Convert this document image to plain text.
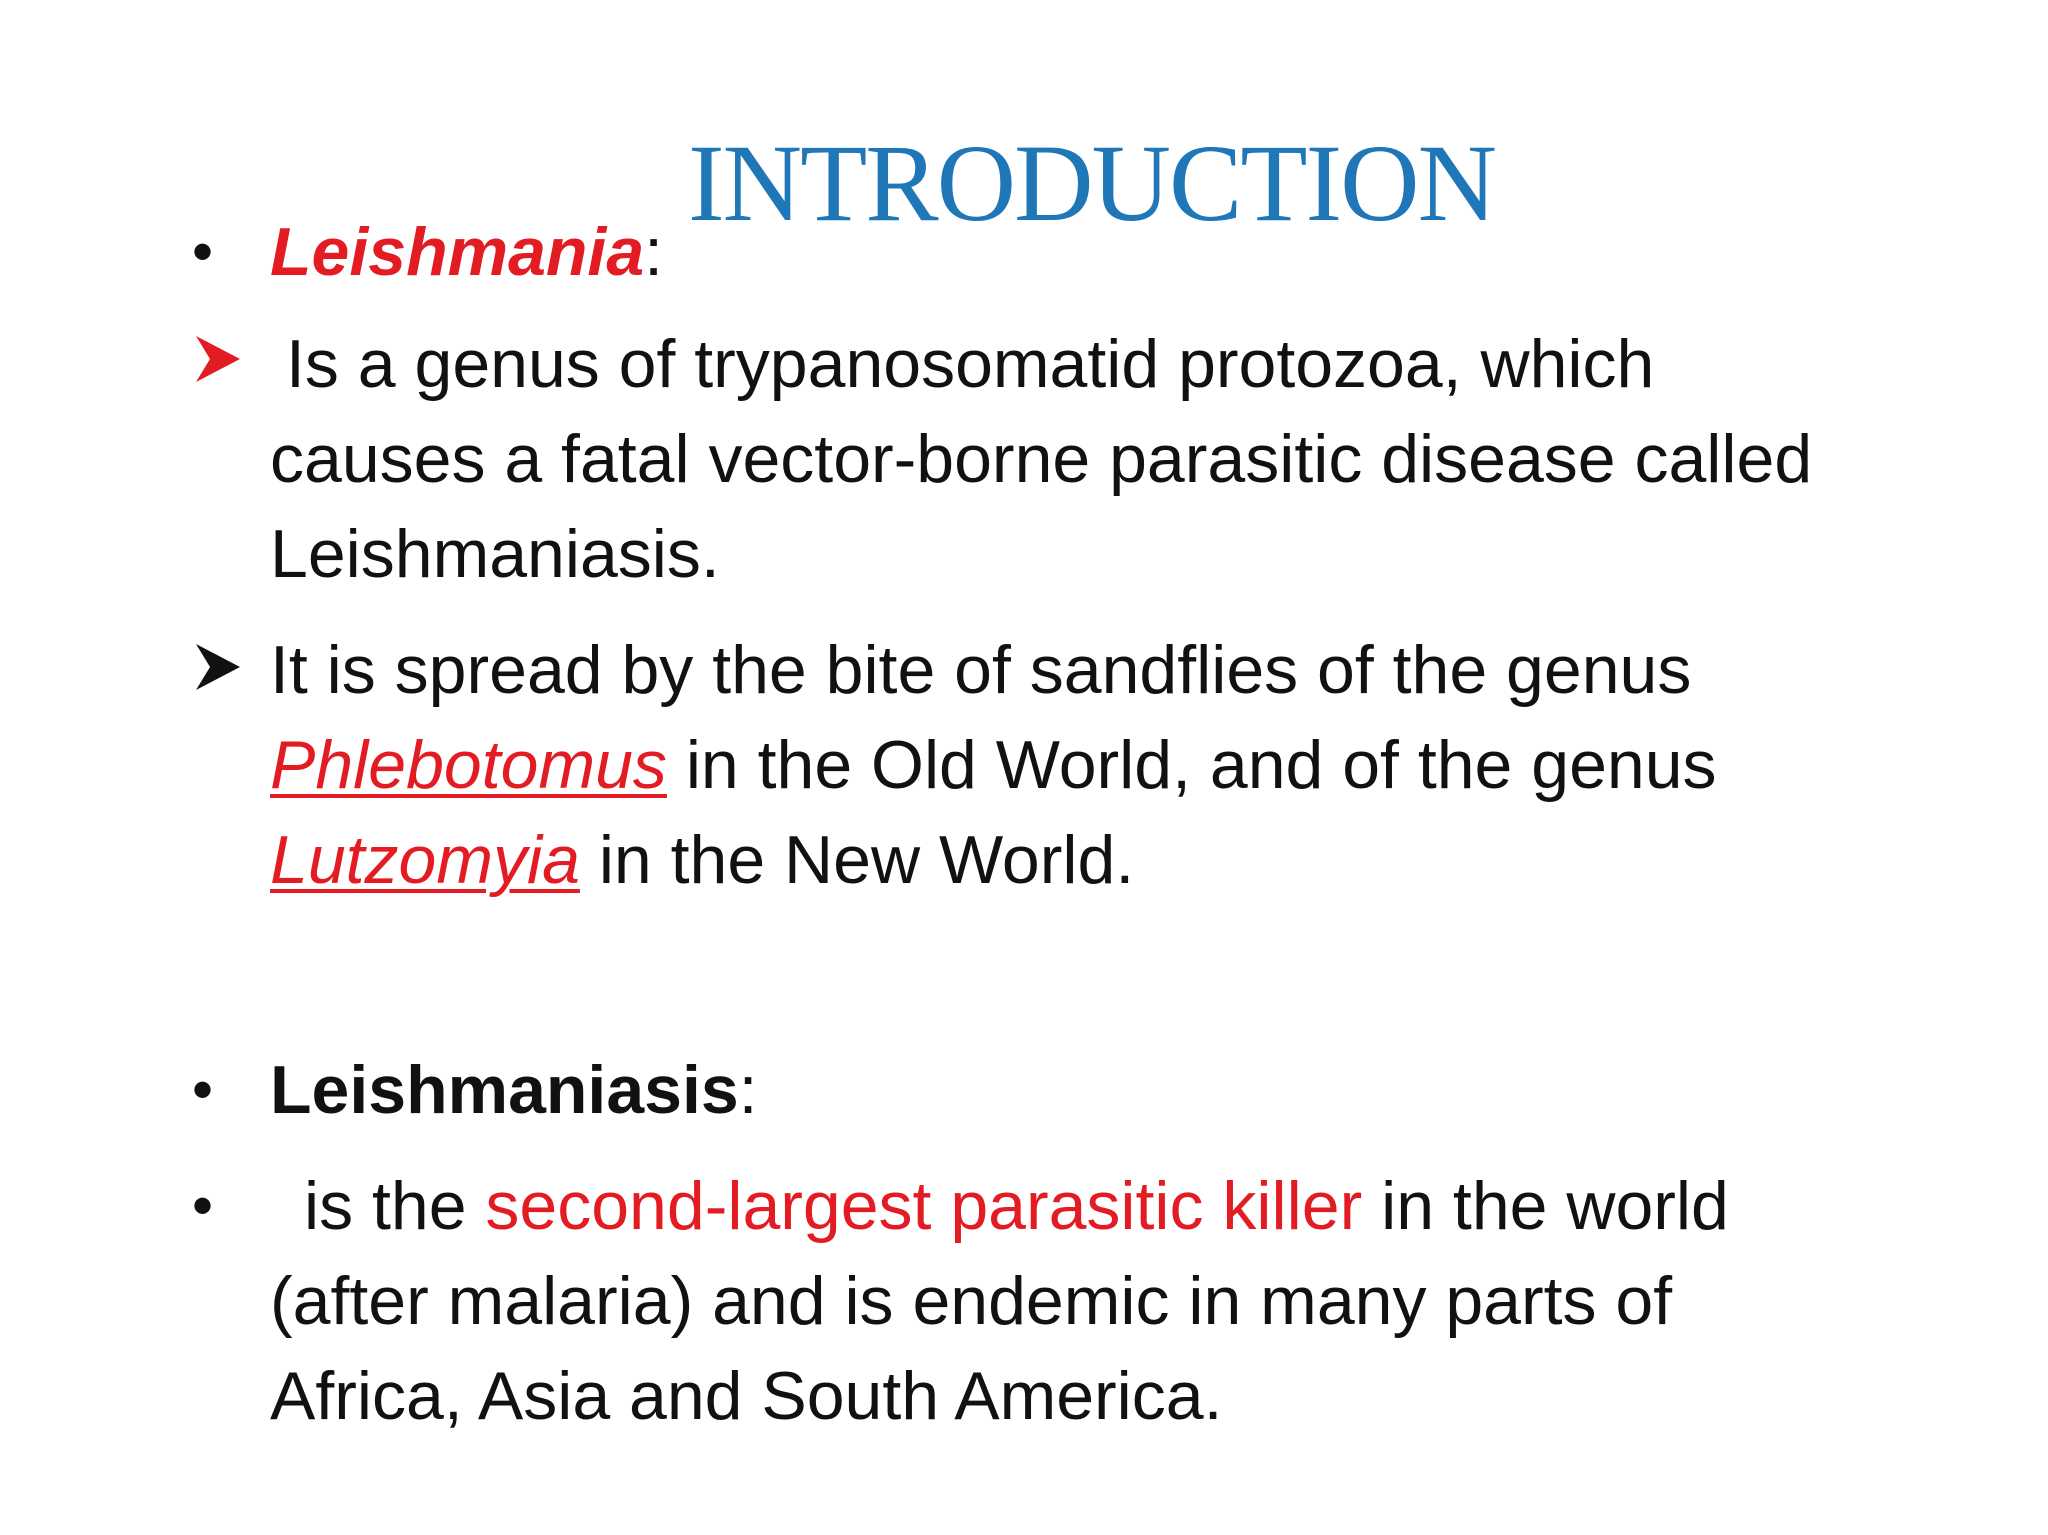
INTRODUCTION
• Leishmania:
Is a genus of trypanosomatid protozoa, which
causes a fatal vector-borne parasitic disease called
Leishmaniasis.
It is spread by the bite of sandflies of the genus
Phlebotomus in the Old World, and of the genus
Lutzomyia in the New World.
• Leishmaniasis:
• is the second-largest parasitic killer in the world
(after malaria) and is endemic in many parts of
Africa, Asia and South America.
